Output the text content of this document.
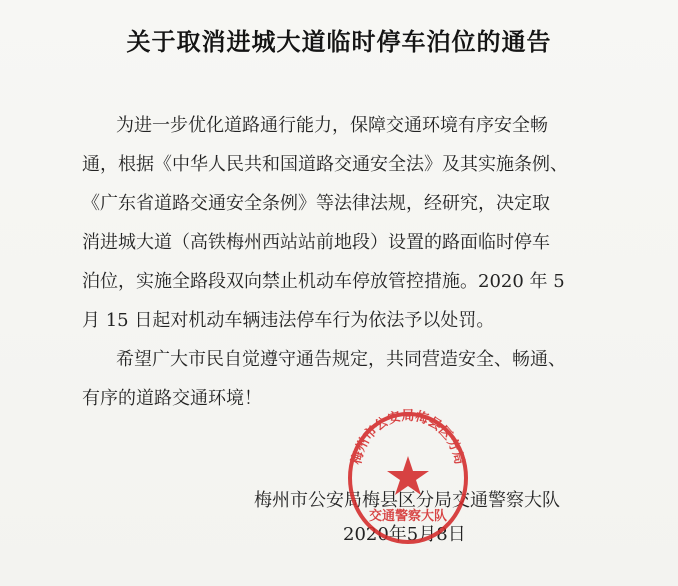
关于取消进城大道临时停车泊位的通告
为进一步优化道路通行能力，保障交通环境有序安全畅
通，根据《中华人民共和国道路交通安全法》及其实施条例、
《广东省道路交通安全条例》等法律法规，经研究，决定取
消进城大道（高铁梅州西站站前地段）设置的路面临时停车
泊位，实施全路段双向禁止机动车停放管控措施。2020 年 5
月 15 日起对机动车辆违法停车行为依法予以处罚。
希望广大市民自觉遵守通告规定，共同营造安全、畅通、
有序的道路交通环境！
梅州市公安局梅县区分局交通警察大队
2020年5月8日
梅州市公安局梅县区分局
交通警察大队
